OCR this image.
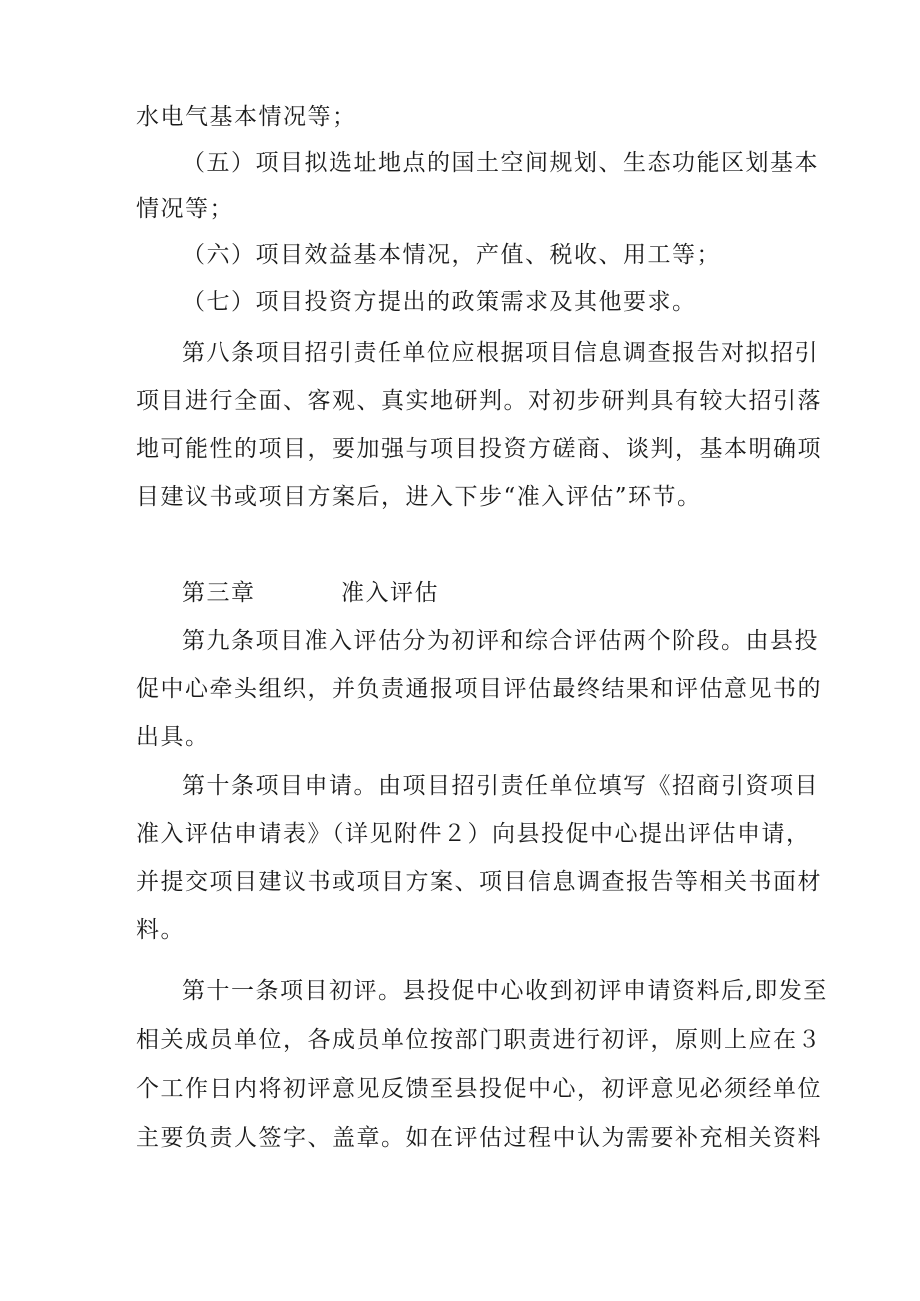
水电气基本情况等；
（五）项目拟选址地点的国土空间规划、生态功能区划基本
情况等；
（六）项目效益基本情况，产值、税收、用工等；
（七）项目投资方提出的政策需求及其他要求。
第八条项目招引责任单位应根据项目信息调查报告对拟招引
项目进行全面、客观、真实地研判。对初步研判具有较大招引落
地可能性的项目，要加强与项目投资方磋商、谈判，基本明确项
目建议书或项目方案后，进入下步“准入评估”环节。
第三章	准入评估
第九条项目准入评估分为初评和综合评估两个阶段。由县投
促中心牵头组织，并负责通报项目评估最终结果和评估意见书的
出具。
第十条项目申请。由项目招引责任单位填写《招商引资项目
准入评估申请表》（详见附件２）向县投促中心提出评估申请，
并提交项目建议书或项目方案、项目信息调查报告等相关书面材
料。
第十一条项目初评。县投促中心收到初评申请资料后,即发至
相关成员单位，各成员单位按部门职责进行初评，原则上应在３
个工作日内将初评意见反馈至县投促中心，初评意见必须经单位
主要负责人签字、盖章。如在评估过程中认为需要补充相关资料
